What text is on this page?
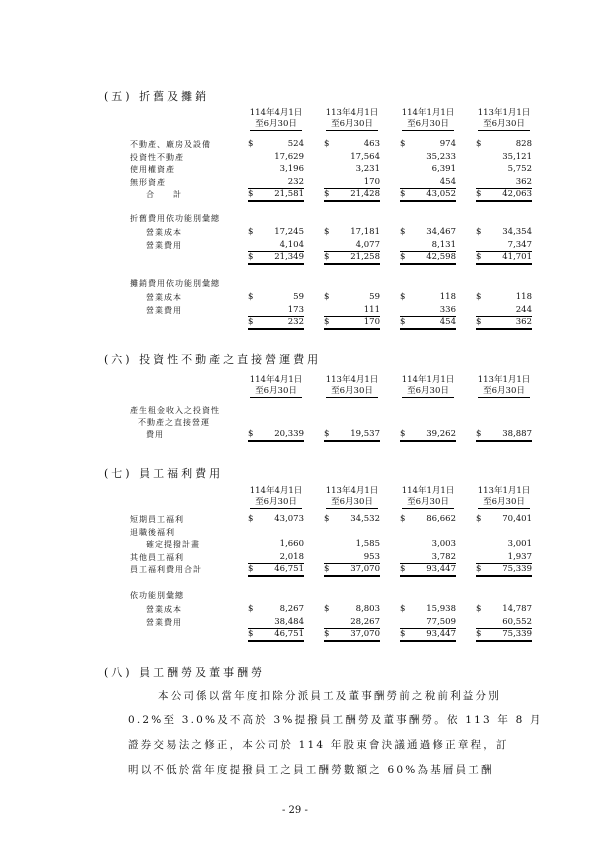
(五) 折舊及攤銷
114年4月1日
至6月30日
113年4月1日
至6月30日
114年1月1日
至6月30日
113年1月1日
至6月30日
不動產、廠房及設備	$	524 $	463 $	974 $	828
投資性不動產	17,629	17,564	35,233	35,121
使用權資產	3,196	3,231	6,391	5,752
無形資產	232	170	454	362
合　　計	$ 21,581 $ 21,428 $ 43,052 $ 42,063
折舊費用依功能別彙總
營業成本	$ 17,245 $ 17,181 $ 34,467 $ 34,354
營業費用	4,104	4,077	8,131	7,347
$ 21,349 $ 21,258 $ 42,598 $ 41,701
攤銷費用依功能別彙總
營業成本	$	59 $	59 $	118 $	118
營業費用	173	111	336	244
$	232 $	170 $	454 $	362
(六) 投資性不動產之直接營運費用
114年4月1日
至6月30日
113年4月1日
至6月30日
114年1月1日
至6月30日
113年1月1日
至6月30日
產生租金收入之投資性
不動產之直接營運
費用	$ 20,339 $ 19,537 $ 39,262 $ 38,887
(七) 員工福利費用
114年4月1日
至6月30日
113年4月1日
至6月30日
114年1月1日
至6月30日
113年1月1日
至6月30日
短期員工福利	$ 43,073 $ 34,532 $ 86,662 $ 70,401
退職後福利
確定提撥計畫	1,660	1,585	3,003	3,001
其他員工福利	2,018	953	3,782	1,937
員工福利費用合計	$ 46,751 $ 37,070 $ 93,447 $ 75,339
依功能別彙總
營業成本	$	8,267 $	8,803 $ 15,938 $ 14,787
營業費用	38,484	28,267	77,509	60,552
$ 46,751 $ 37,070 $ 93,447 $ 75,339
(八) 員工酬勞及董事酬勞
本公司係以當年度扣除分派員工及董事酬勞前之稅前利益分別
0.2%至 3.0%及不高於 3%提撥員工酬勞及董事酬勞。依 113 年 8 月
證券交易法之修正，本公司於 114 年股東會決議通過修正章程，訂
明以不低於當年度提撥員工之員工酬勞數額之 60%為基層員工酬
- 29 -
